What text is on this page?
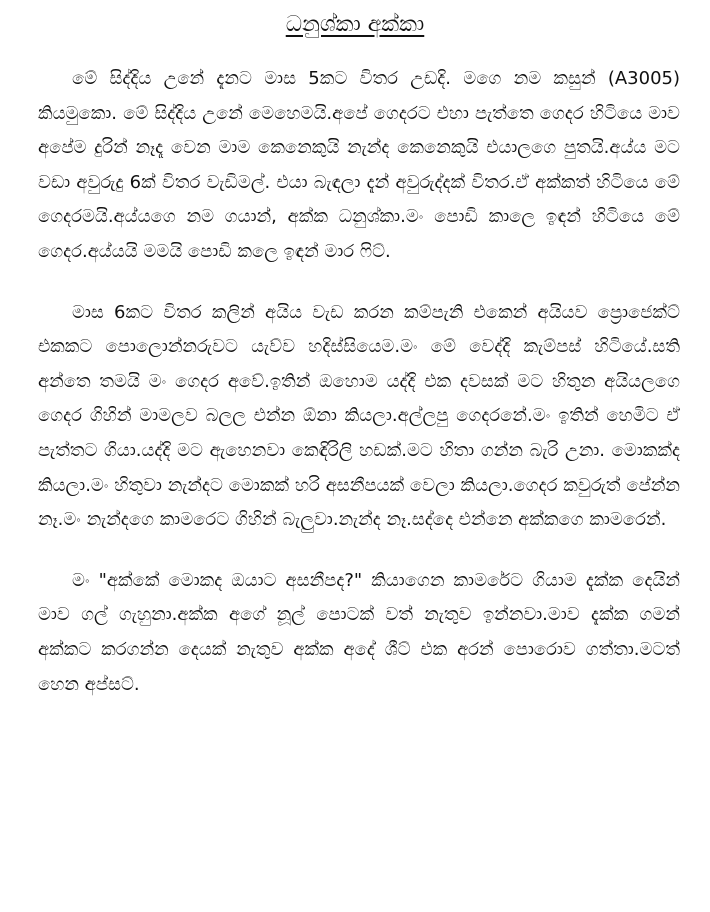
ධනුශ්කා අක්කා

මේ සිද්දිය උනේ දැනට මාස 5කට විතර උඩදි. මගෙ නම කසුන් (A3005) කියමුකො. මේ සිද්දිය උනේ මෙහෙමයි.අපේ ගෙදරට එහා පැත්තෙ ගෙදර හිටියෙ මාව අපේම දුරින් නෑදෑ වෙන මාම කෙනෙකුයි නැන්ද කෙනෙකුයි එයාලගෙ පුතයි.අය්ය මට වඩා අවුරුදු 6ක් විතර වැඩිමල්. එයා බැඳලා දැන් අවුරුද්දක් විතර.ඒ අක්කත් හිටියෙ මේ ගෙදරමයි.අය්යගෙ නම ගයාන්, අක්ක ධනුශ්කා.මං පොඩි කාලෙ ඉඳන් හිටියෙ මේ ගෙදර.අය්යයි මමයි පොඩි කලෙ ඉඳන් මාර ෆිට්.

මාස 6කට විතර කලින් අයිය වැඩ කරන කම්පැනි එකෙන් අයියව ප්‍රොජෙක්ට් එකකට පොලොන්නරුවට යැව්ව හදිස්සියෙම.මං මේ වෙද්දි කැම්පස් හිටියේ.සති අන්තෙ තමයි මං ගෙදර අවේ.ඉතින් ඔහොම යද්දි එක දවසක් මට හිතුන අයියලගෙ ගෙදර ගිහින් මාමලව බලල එන්න ඕනා කියලා.අල්ලපු ගෙදරනේ.මං ඉතින් හෙමිට ඒ පැත්තට ගියා.යද්දි මට ඇහෙනවා කෙඳිරිලි හඩක්.මට හිතා ගන්න බැරි උනා. මොකක්ද කියලා.මං හිතුවා නැන්දට මොකක් හරි අසනීපයක් වෙලා කියලා.ගෙදර කවුරුත් පේන්න නෑ.මං නැන්දගෙ කාමරෙට ගිහින් බැලුවා.නැන්ද නෑ.සද්දෙ එන්නෙ අක්කගෙ කාමරෙන්.

මං "අක්කේ මොකද ඔයාට අසනීපද?" කියාගෙන කාමරේට ගියාම දැක්ක දෙයින් මාව ගල් ගැහුනා.අක්ක අගේ නූල් පොටක් වත් නැතුව ඉන්නවා.මාව දැක්ක ගමන් අක්කට කරගන්න දෙයක් නැතුව අක්ක අදේ ශීට් එක අරන් පොරොව ගත්තා.මටත් හෙන අප්සට්.
